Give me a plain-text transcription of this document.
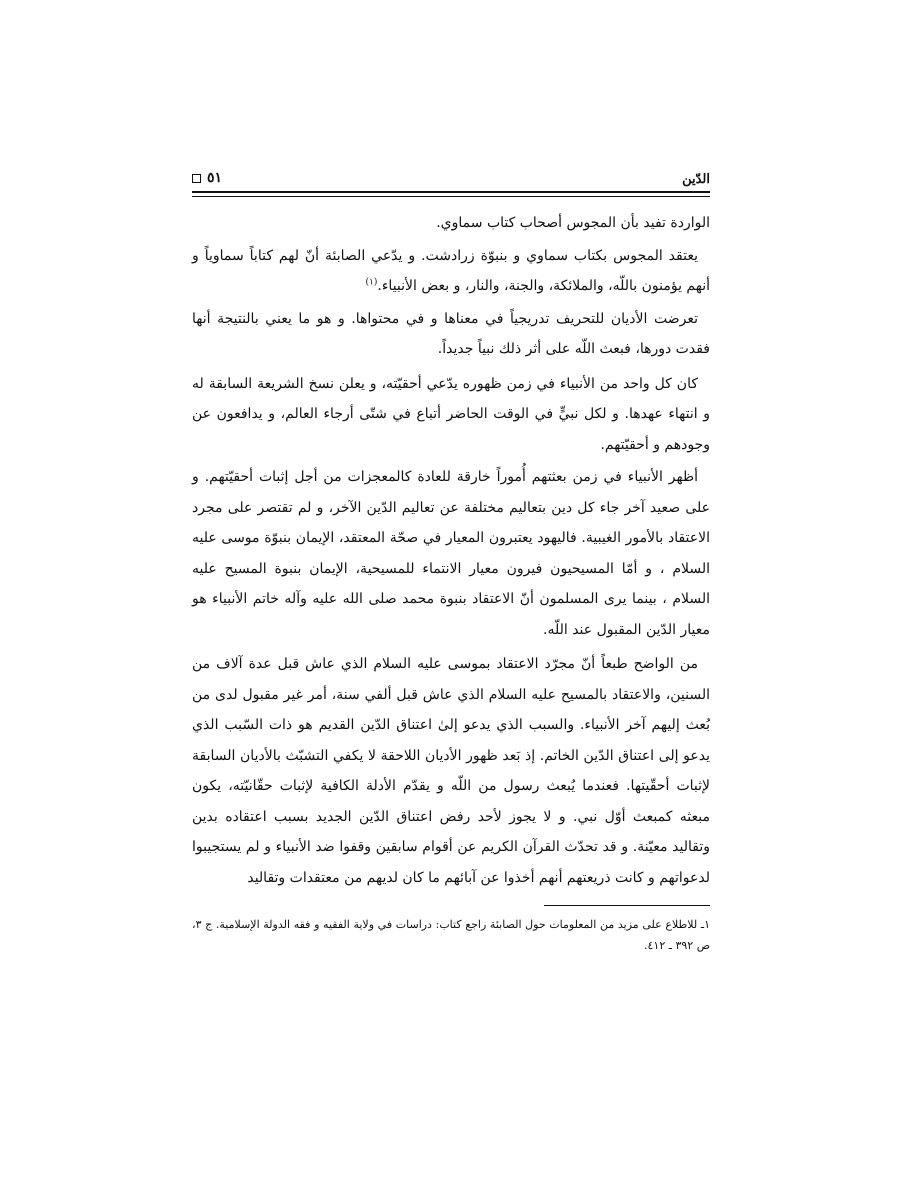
الدّين
٥١

الواردة تفيد بأن المجوس أصحاب كتاب سماوي.

يعتقد المجوس بكتاب سماوي و بنبوّة زرادشت. و يدّعي الصابئة أنّ لهم كتاباً سماوياً و أنهم يؤمنون باللّه، والملائكة، والجنة، والنار، و بعض الأنبياء.$^{(١)}$

تعرضت الأديان للتحريف تدريجياً في معناها و في محتواها. و هو ما يعني بالنتيجة أنها فقدت دورها، فبعث اللّه على أثر ذلك نبياً جديداً.

كان كل واحد من الأنبياء في زمن ظهوره يدّعي أحقيّته، و يعلن نسخ الشريعة السابقة له و انتهاء عهدها. و لكل نبيٍّ في الوقت الحاضر أتباع في شتّى أرجاء العالم، و يدافعون عن وجودهم و أحقيّتهم.

أظهر الأنبياء في زمن بعثتهم أُموراً خارقة للعادة كالمعجزات من أجل إثبات أحقيّتهم. و على صعيد آخر جاء كل دين بتعاليم مختلفة عن تعاليم الدّين الآخر، و لم تقتصر على مجرد الاعتقاد بالأمور الغيبية. فاليهود يعتبرون المعيار في صحّة المعتقد، الإيمان بنبوّة موسى عليه السلام ، و أمّا المسيحيون فيرون معيار الانتماء للمسيحية، الإيمان بنبوة المسيح عليه السلام ، بينما يرى المسلمون أنّ الاعتقاد بنبوة محمد صلى الله عليه وآله خاتم الأنبياء هو معيار الدّين المقبول عند اللّه.

من الواضح طبعاً أنّ مجرّد الاعتقاد بموسى عليه السلام الذي عاش قبل عدة آلاف من السنين، والاعتقاد بالمسيح عليه السلام الذي عاش قبل ألفي سنة، أمر غير مقبول لدى من بُعث إليهم آخر الأنبياء. والسبب الذي يدعو إلىٰ اعتناق الدّين القديم هو ذات السّبب الذي يدعو إلى اعتناق الدّين الخاتم. إذ بَعد ظهور الأديان اللاحقة لا يكفي التشبّث بالأديان السابقة لإثبات أحقّيتها. فعندما يُبعث رسول من اللّه و يقدّم الأدلة الكافية لإثبات حقّانيّته، يكون مبعثه كمبعث أوّل نبي. و لا يجوز لأحد رفض اعتناق الدّين الجديد بسبب اعتقاده بدين وتقاليد معيّنة. و قد تحدّث القرآن الكريم عن أقوام سابقين وقفوا ضد الأنبياء و لم يستجيبوا لدعواتهم و كانت ذريعتهم أنهم أخذوا عن آبائهم ما كان لديهم من معتقدات وتقاليد

١ـ للاطلاع على مزيد من المعلومات حول الصابئة راجع كتاب: دراسات في ولاية الفقيه و فقه الدولة الإسلامية. ج ٣، ص ٣٩٢ ـ ٤١٢.
